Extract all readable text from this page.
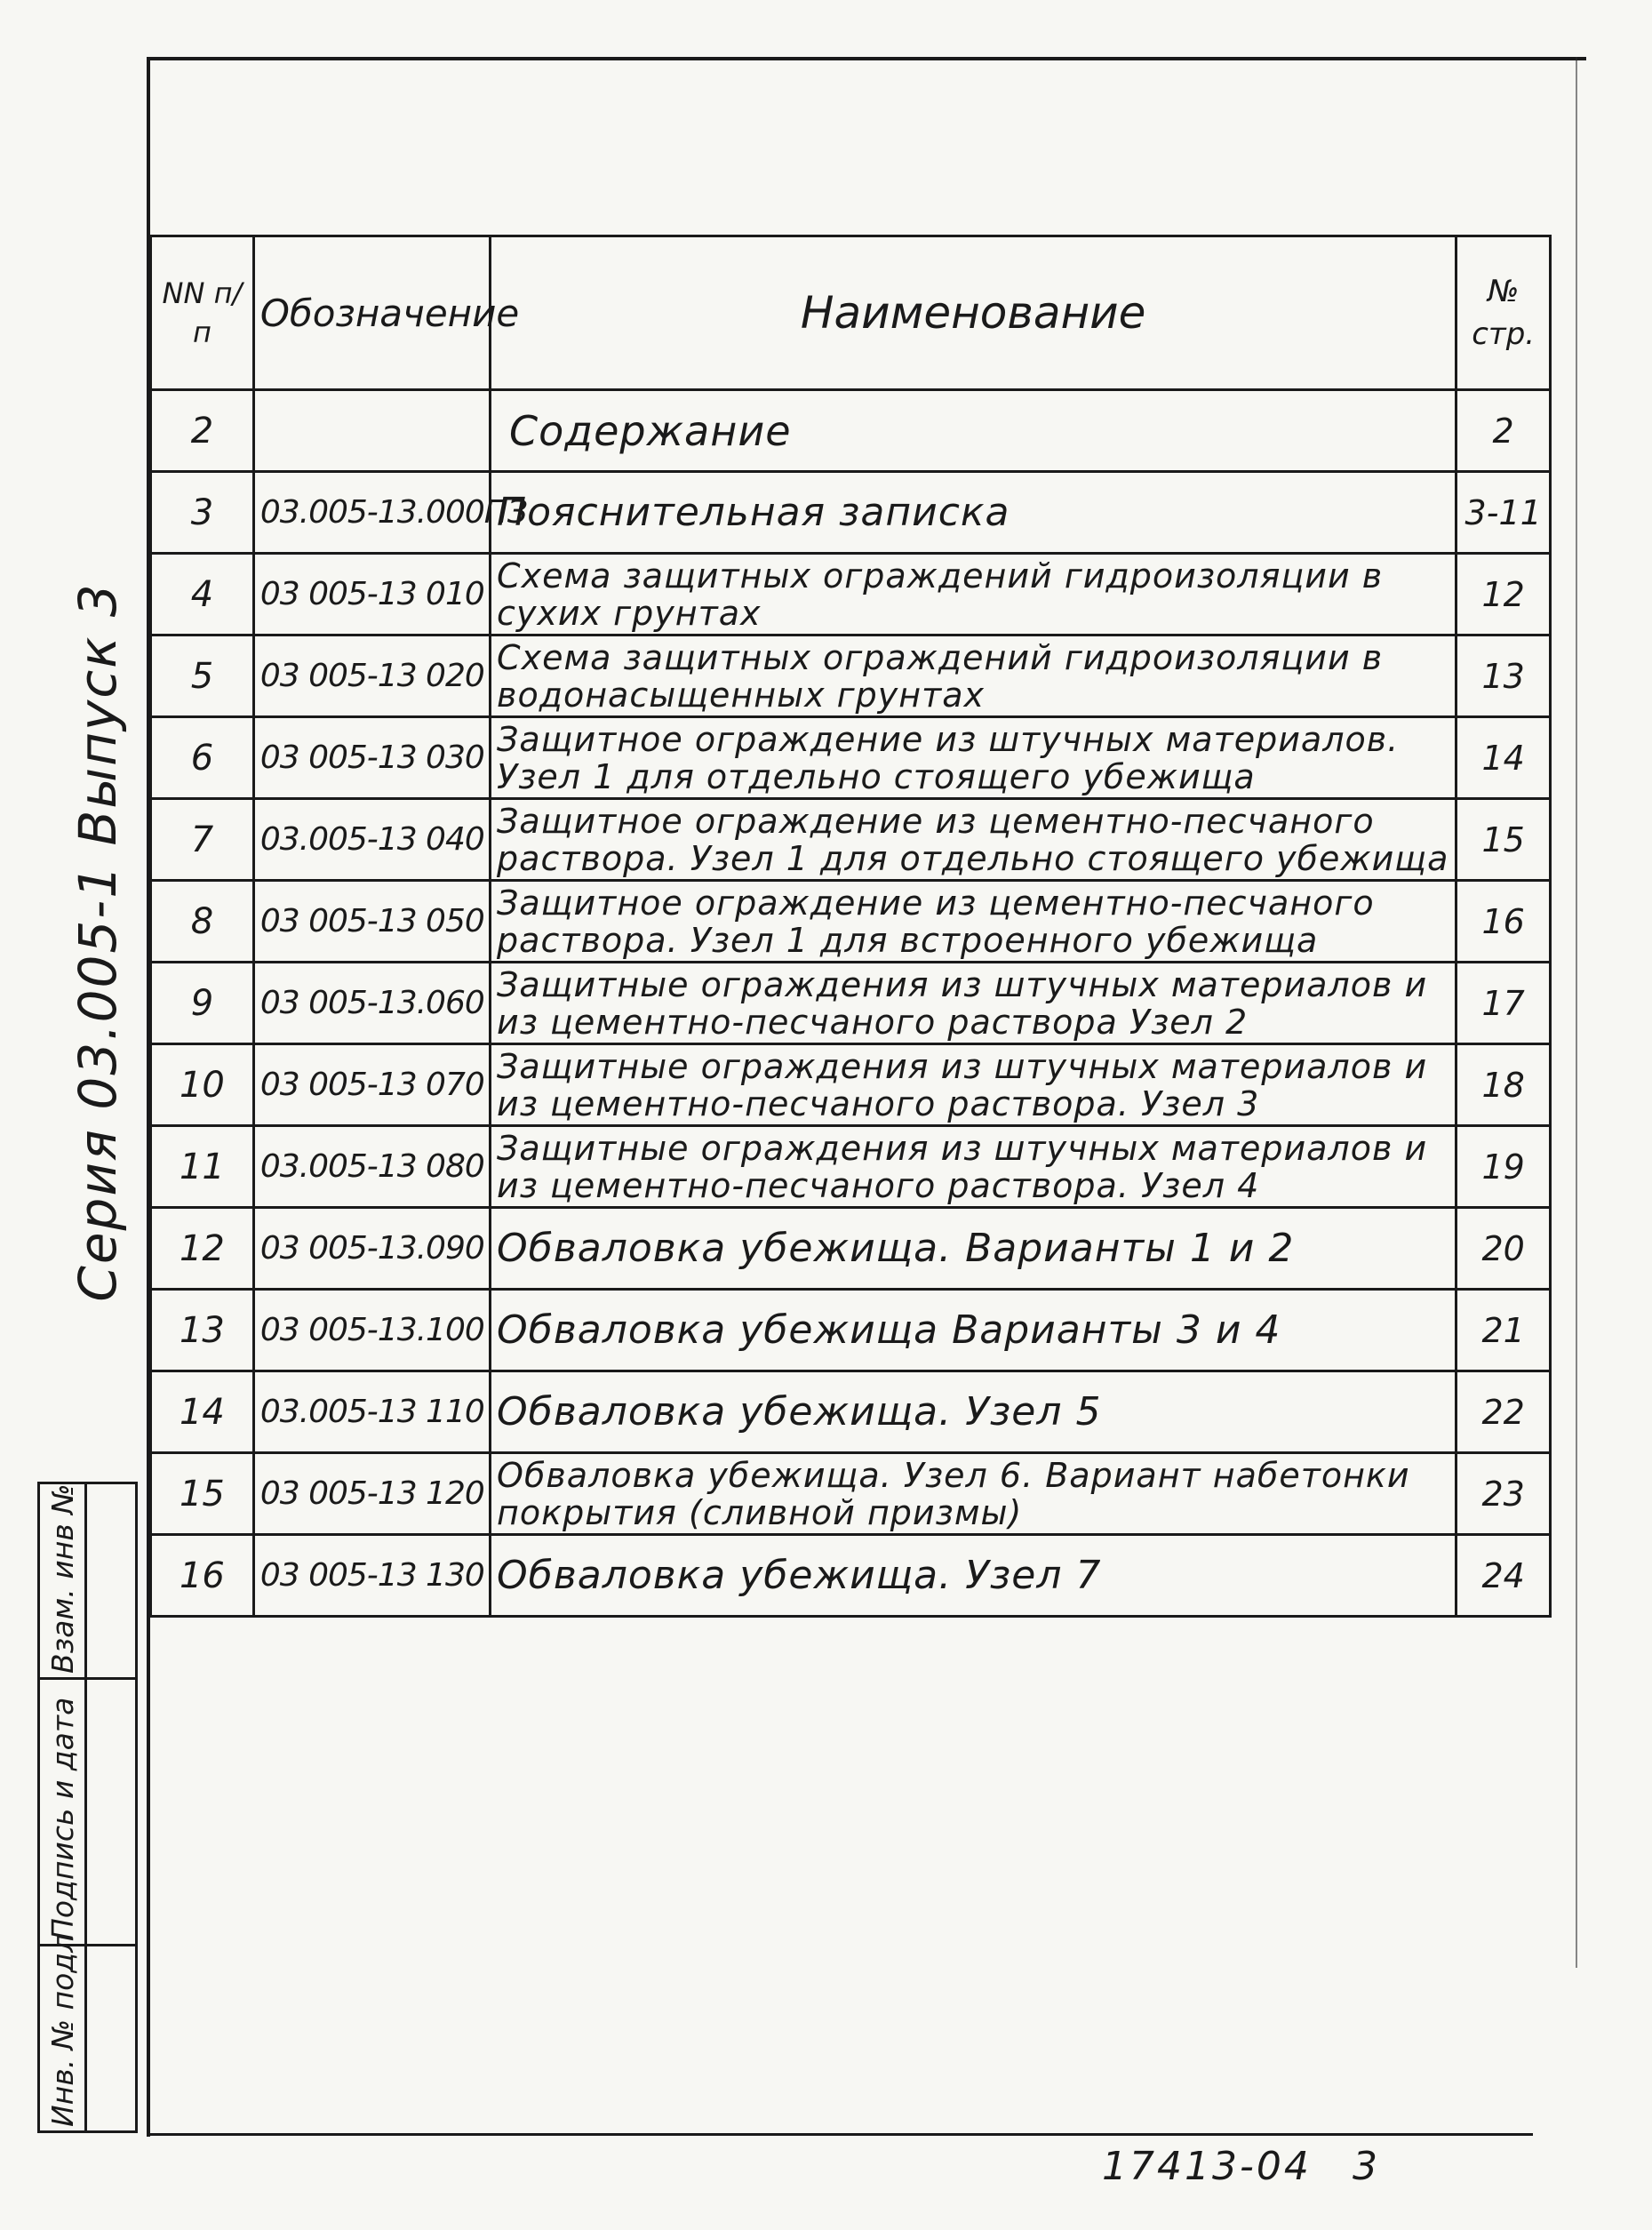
NN п/п	Обозначение	Наименование	№ стр.
2		Содержание	2
3	03.005-13.000ПЗ	Пояснительная записка	3-11
4	03 005-13 010	Схема защитных ограждений гидроизоляции в сухих грунтах	12
5	03 005-13 020	Схема защитных ограждений гидроизоляции в водонасыщенных грунтах	13
6	03 005-13 030	Защитное ограждение из штучных материалов. Узел 1 для отдельно стоящего убежища	14
7	03.005-13 040	Защитное ограждение из цементно-песчаного раствора. Узел 1 для отдельно стоящего убежища	15
8	03 005-13 050	Защитное ограждение из цементно-песчаного раствора. Узел 1 для встроенного убежища	16
9	03 005-13.060	Защитные ограждения из штучных материалов и из цементно-песчаного раствора Узел 2	17
10	03 005-13 070	Защитные ограждения из штучных материалов и из цементно-песчаного раствора. Узел 3	18
11	03.005-13 080	Защитные ограждения из штучных материалов и из цементно-песчаного раствора. Узел 4	19
12	03 005-13.090	Обваловка убежища. Варианты 1 и 2	20
13	03 005-13.100	Обваловка убежища Варианты 3 и 4	21
14	03.005-13 110	Обваловка убежища. Узел 5	22
15	03 005-13 120	Обваловка убежища. Узел 6. Вариант набетонки покрытия (сливной призмы)	23
16	03 005-13 130	Обваловка убежища. Узел 7	24
Серия 03.005-1 Выпуск 3
Инв. № подл	Подпись и дата	Взам. инв №

17413-04 3
